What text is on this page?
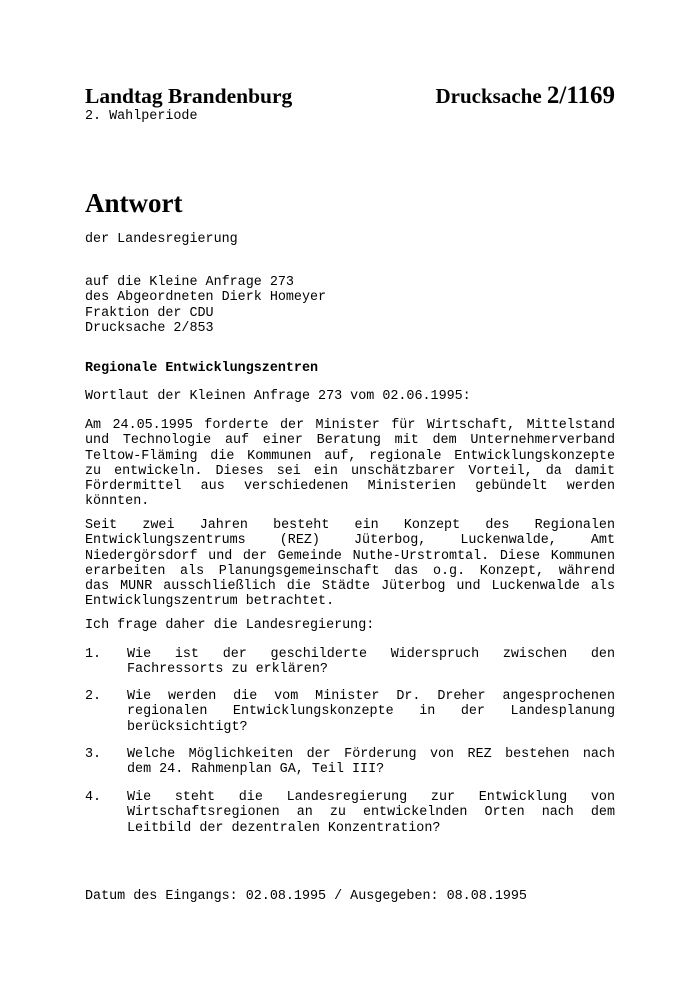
Landtag Brandenburg	Drucksache 2/1169
2. Wahlperiode
Antwort
der Landesregierung
auf die Kleine Anfrage 273
des Abgeordneten Dierk Homeyer
Fraktion der CDU
Drucksache 2/853
Regionale Entwicklungszentren
Wortlaut der Kleinen Anfrage 273 vom 02.06.1995:
Am 24.05.1995 forderte der Minister für Wirtschaft, Mittelstand
und Technologie auf einer Beratung mit dem Unternehmerverband
Teltow-Fläming die Kommunen auf, regionale Entwicklungskonzepte
zu entwickeln. Dieses sei ein unschätzbarer Vorteil, da damit
Fördermittel aus verschiedenen Ministerien gebündelt werden
könnten.
Seit zwei Jahren besteht ein Konzept des Regionalen
Entwicklungszentrums (REZ) Jüterbog, Luckenwalde, Amt
Niedergörsdorf und der Gemeinde Nuthe-Urstromtal. Diese Kommunen
erarbeiten als Planungsgemeinschaft das o.g. Konzept, während
das MUNR ausschließlich die Städte Jüterbog und Luckenwalde als
Entwicklungszentrum betrachtet.
Ich frage daher die Landesregierung:
1. Wie ist der geschilderte Widerspruch zwischen den
Fachressorts zu erklären?
2. Wie werden die vom Minister Dr. Dreher angesprochenen
regionalen Entwicklungskonzepte in der Landesplanung
berücksichtigt?
3. Welche Möglichkeiten der Förderung von REZ bestehen nach
dem 24. Rahmenplan GA, Teil III?
4. Wie steht die Landesregierung zur Entwicklung von
Wirtschaftsregionen an zu entwickelnden Orten nach dem
Leitbild der dezentralen Konzentration?
Datum des Eingangs: 02.08.1995 / Ausgegeben: 08.08.1995
